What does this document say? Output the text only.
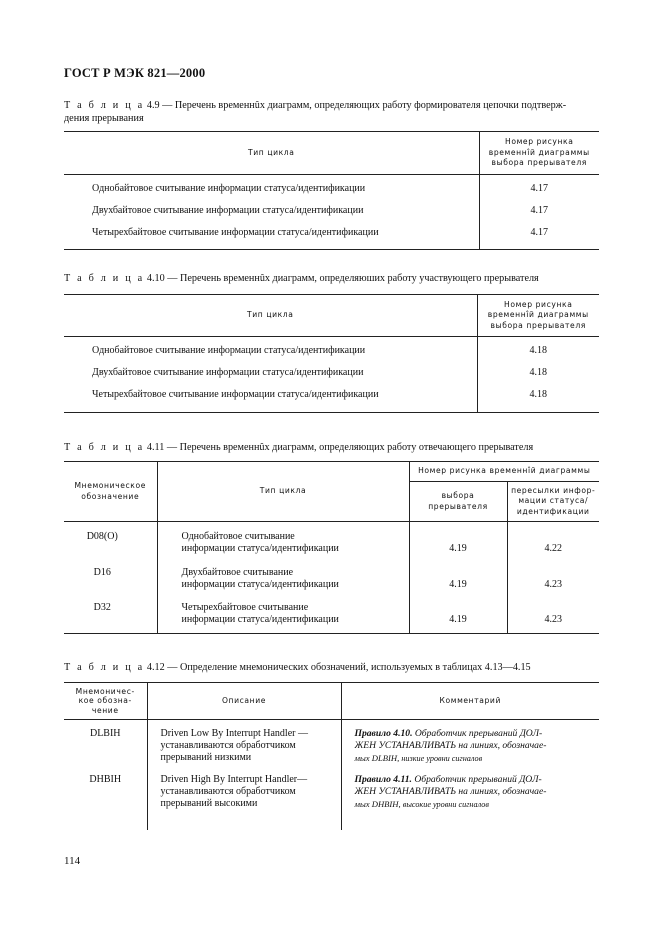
ГОСТ Р МЭК 821—2000
Т а б л и ц а 4.9 — Перечень временнûх диаграмм, определяющих работу формирователя цепочки подтверж-
дения прерывания
Тип цикла	Номер рисунка
временнîй диаграммы
выбора прерывателя
Однобайтовое считывание информации статуса/идентификации	4.17
Двухбайтовое считывание информации статуса/идентификации	4.17
Четырехбайтовое считывание информации статуса/идентификации	4.17
Т а б л и ц а 4.10 — Перечень временнûх диаграмм, определяюших работу участвующего прерывателя
Тип цикла	Номер рисунка
временнîй диаграммы
выбора прерывателя
Однобайтовое считывание информации статуса/идентификации	4.18
Двухбайтовое считывание информации статуса/идентификации	4.18
Четырехбайтовое считывание информации статуса/идентификации	4.18
Т а б л и ц а 4.11 — Перечень временнûх диаграмм, определяющих работу отвечающего прерывателя
Мнемоническое
обозначение	Тип цикла	Номер рисунка временнîй диаграммы	
		выбора
прерывателя	пересылки инфор-
мации статуса/
идентификации
D08(O)	Однобайтовое считывание
информации статуса/идентификации	4.19	4.22
D16	Двухбайтовое считывание
информации статуса/идентификации	4.19	4.23
D32	Четырехбайтовое считывание
информации статуса/идентификации	4.19	4.23
Т а б л и ц а 4.12 — Определение мнемонических обозначений, используемых в таблицах 4.13—4.15
Мнемоничес-
кое обозна-
чение	Описание	Комментарий
DLBIH	Driven Low By Interrupt Handler —
устанавливаются обработчиком
прерываний низкими	Правило 4.10. Обработчик прерываний ДОЛ-
ЖЕН УСТАНАВЛИВАТЬ на линиях, обозначае-
мых DLBIH, низкие уровни сигналов
DHBIH	Driven High By Interrupt Handler—
устанавливаются обработчиком
прерываний высокими	Правило 4.11. Обработчик прерываний ДОЛ-
ЖЕН УСТАНАВЛИВАТЬ на линиях, обозначае-
мых DHBIH, высокие уровни сигналов
114
